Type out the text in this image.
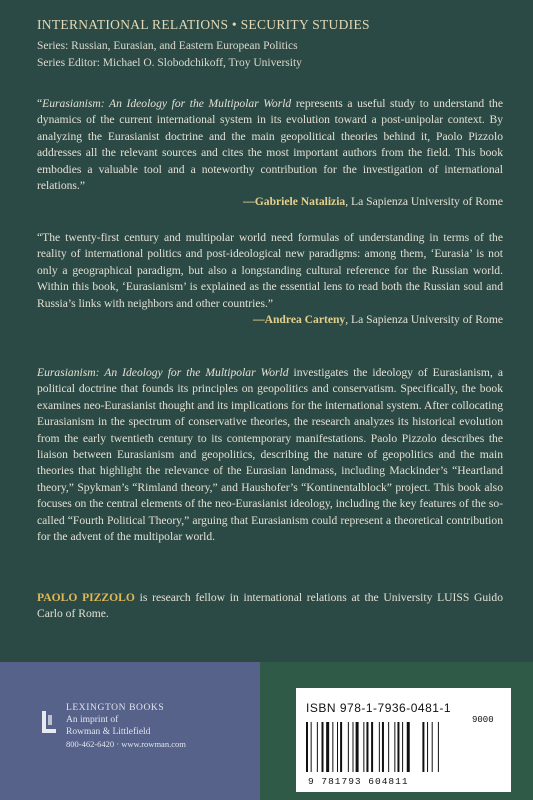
INTERNATIONAL RELATIONS • SECURITY STUDIES
Series: Russian, Eurasian, and Eastern European Politics
Series Editor: Michael O. Slobodchikoff, Troy University
“Eurasianism: An Ideology for the Multipolar World represents a useful study to understand the dynamics of the current international system in its evolution toward a post-unipolar context. By analyzing the Eurasianist doctrine and the main geopolitical theories behind it, Paolo Pizzolo addresses all the relevant sources and cites the most important authors from the field. This book embodies a valuable tool and a noteworthy contribution for the investigation of international relations.”
—Gabriele Natalizia, La Sapienza University of Rome
“The twenty-first century and multipolar world need formulas of understanding in terms of the reality of international politics and post-ideological new paradigms: among them, ‘Eurasia’ is not only a geographical paradigm, but also a longstanding cultural reference for the Russian world. Within this book, ‘Eurasianism’ is explained as the essential lens to read both the Russian soul and Russia’s links with neighbors and other countries.”
—Andrea Carteny, La Sapienza University of Rome
Eurasianism: An Ideology for the Multipolar World investigates the ideology of Eurasianism, a political doctrine that founds its principles on geopolitics and conservatism. Specifically, the book examines neo-Eurasianist thought and its implications for the international system. After collocating Eurasianism in the spectrum of conservative theories, the research analyzes its historical evolution from the early twentieth century to its contemporary manifestations. Paolo Pizzolo describes the liaison between Eurasianism and geopolitics, describing the nature of geopolitics and the main theories that highlight the relevance of the Eurasian landmass, including Mackinder’s “Heartland theory,” Spykman’s “Rimland theory,” and Haushofer’s “Kontinentalblock” project. This book also focuses on the central elements of the neo-Eurasianist ideology, including the key features of the so-called “Fourth Political Theory,” arguing that Eurasianism could represent a theoretical contribution for the advent of the multipolar world.
PAOLO PIZZOLO is research fellow in international relations at the University LUISS Guido Carlo of Rome.
LEXINGTON BOOKS
An imprint of
Rowman & Littlefield
800-462-6420 · www.rowman.com
ISBN 978-1-7936-0481-1
9000
9 781793 604811
